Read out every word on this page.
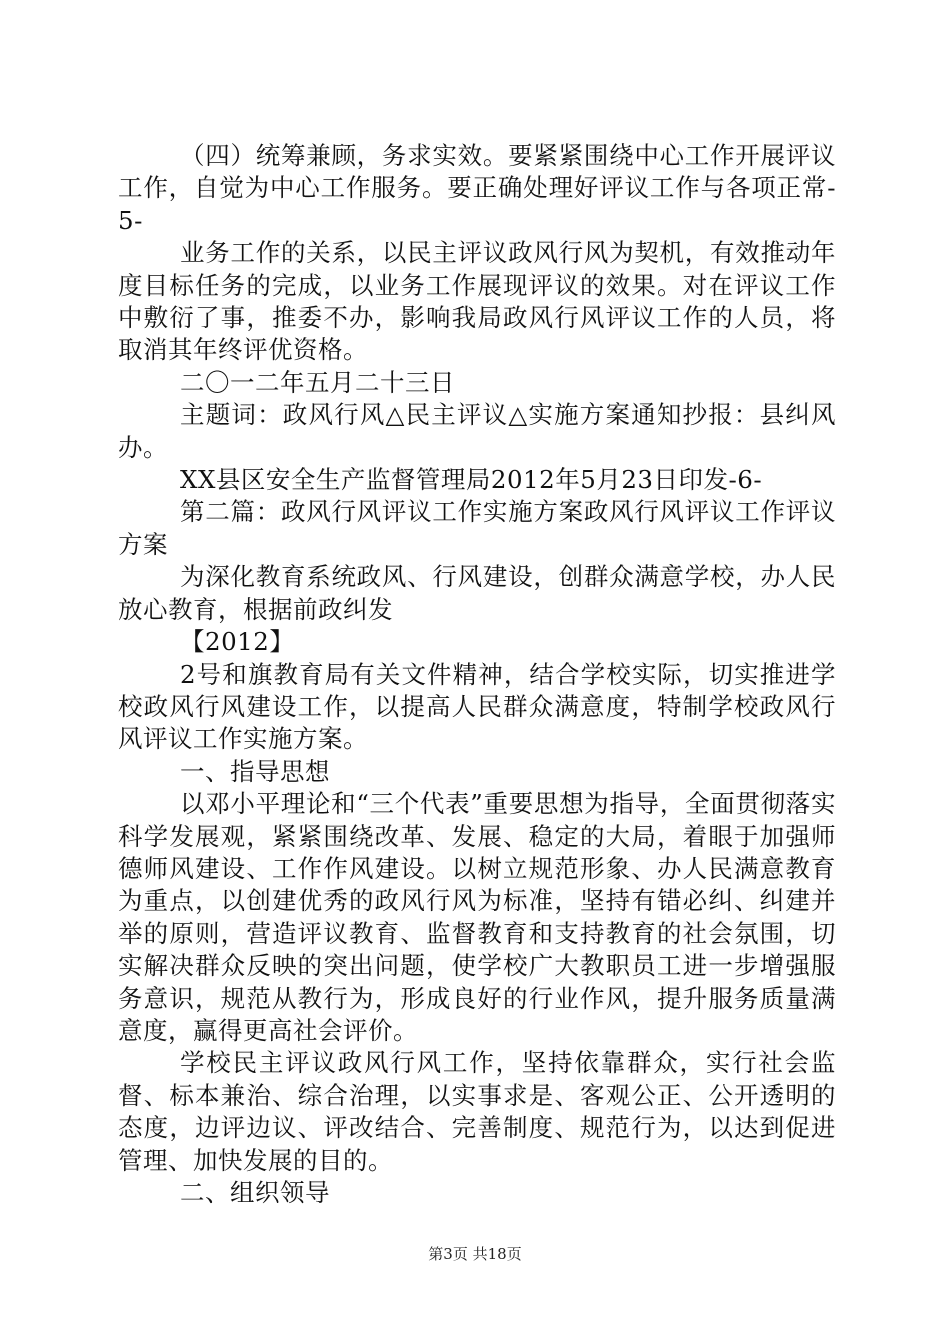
（四）统筹兼顾，务求实效。要紧紧围绕中心工作开展评议工作，自觉为中心工作服务。要正确处理好评议工作与各项正常-5-

业务工作的关系，以民主评议政风行风为契机，有效推动年度目标任务的完成，以业务工作展现评议的效果。对在评议工作中敷衍了事，推委不办，影响我局政风行风评议工作的人员，将取消其年终评优资格。

二〇一二年五月二十三日

主题词：政风行风△民主评议△实施方案通知抄报：县纠风办。

XX县区安全生产监督管理局2012年5月23日印发-6-

第二篇：政风行风评议工作实施方案政风行风评议工作评议方案

为深化教育系统政风、行风建设，创群众满意学校，办人民放心教育，根据前政纠发

【2012】

2号和旗教育局有关文件精神，结合学校实际，切实推进学校政风行风建设工作，以提高人民群众满意度，特制学校政风行风评议工作实施方案。

一、指导思想

以邓小平理论和“三个代表”重要思想为指导，全面贯彻落实科学发展观，紧紧围绕改革、发展、稳定的大局，着眼于加强师德师风建设、工作作风建设。以树立规范形象、办人民满意教育为重点，以创建优秀的政风行风为标准，坚持有错必纠、纠建并举的原则，营造评议教育、监督教育和支持教育的社会氛围，切实解决群众反映的突出问题，使学校广大教职员工进一步增强服务意识，规范从教行为，形成良好的行业作风，提升服务质量满意度，赢得更高社会评价。

学校民主评议政风行风工作，坚持依靠群众，实行社会监督、标本兼治、综合治理，以实事求是、客观公正、公开透明的态度，边评边议、评改结合、完善制度、规范行为，以达到促进管理、加快发展的目的。

二、组织领导

第3页 共18页
